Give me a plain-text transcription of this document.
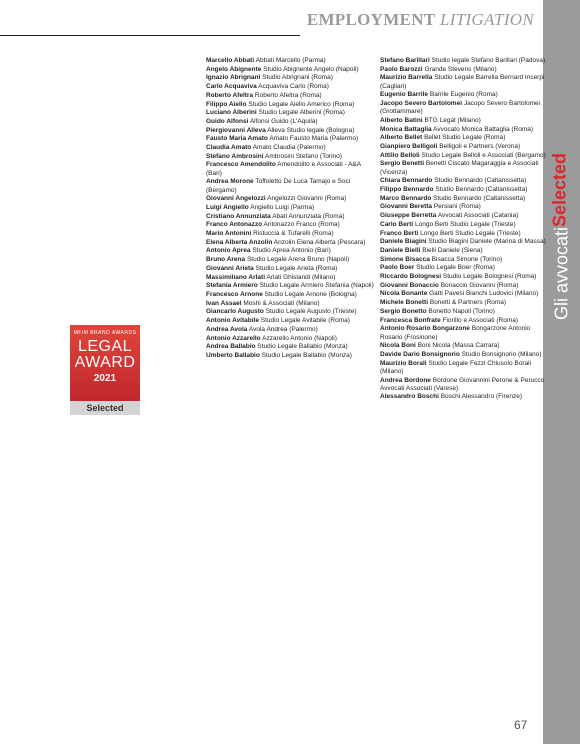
EMPLOYMENT LITIGATION
Gli avvocati
Selected
MFIM BRAND AWARDS
LEGAL
AWARD
2021
Selected
Marcello Abbati Abbati Marcello (Parma)
Angelo Abignente Studio Abignente Angelo (Napoli)
Ignazio Abrignani Studio Abrignani (Roma)
Carlo Acquaviva Acquaviva Carlo (Roma)
Roberto Afeltra Roberto Afeltra (Roma)
Filippo Aiello Studio Legale Aiello Americo (Roma)
Luciano Alberini Studio Legale Alberini (Roma)
Guido Alfonsi Alfonsi Guido (L'Aquila)
Piergiovanni Alleva Alleva Studio legale (Bologna)
Fausto Maria Amato Amato Fausto Maria (Palermo)
Claudia Amato Amato Claudia (Palermo)
Stefano Ambrosini Ambrosini Stefano (Torino)
Francesco Amendolito Amendolito e Associati - A&A (Bari)
Andrea Morone Toffoletto De Luca Tamajo e Soci (Bergamo)
Giovanni Angelozzi Angelozzi Giovanni (Roma)
Luigi Angiello Angiello Luigi (Parma)
Cristiano Annunziata Abati Annunziata (Roma)
Franco Antonazzo Antonazzo Franco (Roma)
Mario Antonini Ristuccia & Tufarelli (Roma)
Elena Alberta Anzolin Anzolin Elena Alberta (Pescara)
Antonio Aprea Studio Aprea Antonio (Bari)
Bruno Arena Studio Legale Arena Bruno (Napoli)
Giovanni Arieta Studio Legale Arieta (Roma)
Massimiliano Arlati Arlati Ghislandi (Milano)
Stefania Armiero Studio Legale Armiero Stefania (Napoli)
Francesco Arnone Studio Legale Arnone (Bologna)
Ivan Assael Moshi & Associati (Milano)
Giancarlo Augusto Studio Legale Augusto (Trieste)
Antonio Avitabile Studio Legale Avitabile (Roma)
Andrea Avola Avola Andrea (Palermo)
Antonio Azzarello Azzarello Antonio (Napoli)
Andrea Ballabio Studio Legale Ballabio (Monza)
Umberto Ballabio Studio Legale Ballabio (Monza)
Stefano Barillari Studio legale Stefano Barillari (Padova)
Paolo Barozzi Grande Stevens (Milano)
Maurizio Barrella Studio Legale Barrella Bernard Incerpi (Cagliari)
Eugenio Barrile Barrile Eugenio (Roma)
Jacopo Severo Bartolomei Jacopo Severo Bartolomei (Grottammare)
Alberto Batini BTG Legal (Milano)
Monica Battaglia Avvocato Monica Battaglia (Roma)
Alberto Bellet Bellet Studio Legale (Roma)
Gianpiero Belligoli Belligoli e Partners (Verona)
Attilio Belloli Studio Legale Belloli e Associati (Bergamo)
Sergio Benetti Benetti Ciscato Magaraggia e Associati (Vicenza)
Chiara Bennardo Studio Bennardo (Caltanissetta)
Filippo Bennardo Studio Bennardo (Caltanissetta)
Marco Bennardo Studio Bennardo (Caltanissetta)
Giovanni Beretta Persiani (Roma)
Giuseppe Berretta Avvocati Associati (Catania)
Carlo Berti Longo Berti Studio Legale (Trieste)
Franco Berti Longo Berti Studio Legale (Trieste)
Daniele Biagini Studio Biagini Daniele (Marina di Massa)
Daniele Bielli Bielli Daniele (Siena)
Simone Bisacca Bisacca Simone (Torino)
Paolo Boer Studio Legale Boer (Roma)
Riccardo Bolognesi Studio Legale Bolognesi (Roma)
Giovanni Bonaccio Bonaccio Giovanni (Roma)
Nicola Bonante Gatti Pavesi Bianchi Ludovici (Milano)
Michele Bonetti Bonetti & Partners (Roma)
Sergio Bonetto Bonetto Napoli (Torino)
Francesca Bonfrate Fiorillo e Associati (Roma)
Antonio Rosario Bongarzone Bongarzone Antonio Rosario (Frosinone)
Nicola Boni Boni Nicola (Massa Carrara)
Davide Dario Bonsignorio Studio Bonsignorio (Milano)
Maurizio Borali Studio Legale Fezzi Chiusolo Borali (Milano)
Andrea Bordone Bordone Giovannini Perone & Perucco Avvocati Associati (Varese)
Alessandro Boschi Boschi Alessandro (Firenze)
67
